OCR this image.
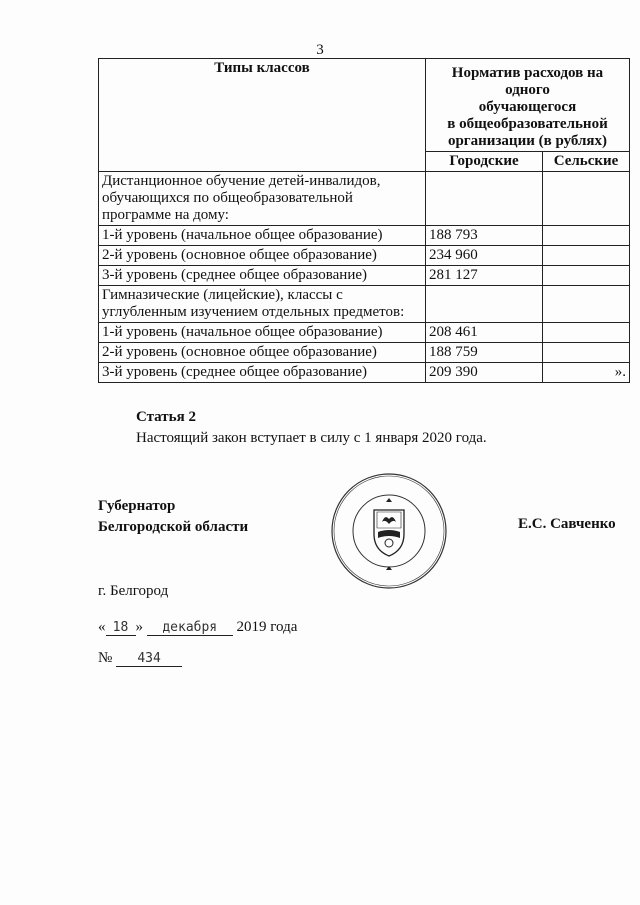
3
Типы классов	Норматив расходов на
одного
обучающегося
в общеобразовательной
организации (в рублях)	

	Городские	Сельские
Дистанционное обучение детей-инвалидов, обучающихся по общеобразовательной программе на дому:		
1-й уровень (начальное общее образование)	188 793	
2-й уровень (основное общее образование)	234 960	
3-й уровень (среднее общее образование)	281 127	
Гимназические (лицейские), классы с углубленным изучением отдельных предметов:		
1-й уровень (начальное общее образование)	208 461	
2-й уровень (основное общее образование)	188 759	
3-й уровень (среднее общее образование)	209 390	».
Статья 2
Настоящий закон вступает в силу с 1 января 2020 года.
Губернатор
Белгородской области	Е.С. Савченко
г. Белгород
« 18 » декабря 2019 года
№ 434
